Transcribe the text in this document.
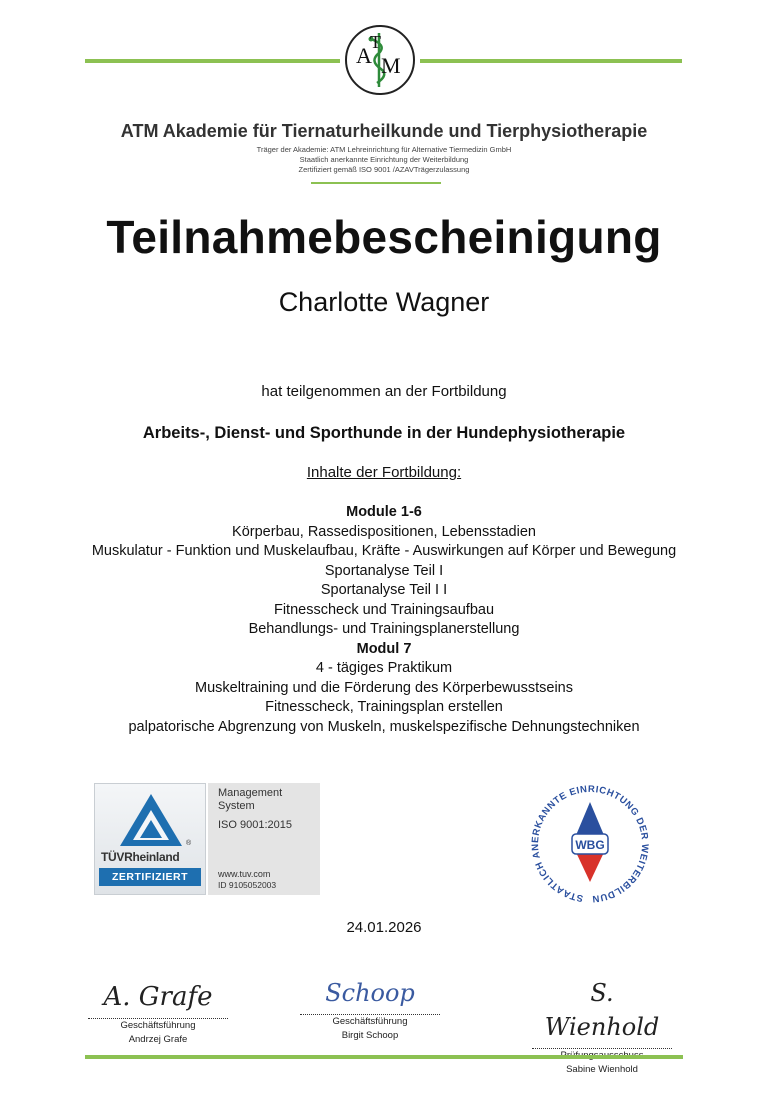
A
T
M
ATM Akademie für Tiernaturheilkunde und Tierphysiotherapie
Träger der Akademie: ATM Lehreinrichtung für Alternative Tiermedizin GmbH
Staatlich anerkannte Einrichtung der Weiterbildung
Zertifiziert gemäß ISO 9001 /AZAVTrägerzulassung
Teilnahmebescheinigung
Charlotte Wagner
hat teilgenommen an der Fortbildung
Arbeits-, Dienst- und Sporthunde in der Hundephysiotherapie
Inhalte der Fortbildung:
Module 1-6
Körperbau, Rassedispositionen, Lebensstadien
Muskulatur - Funktion und Muskelaufbau, Kräfte - Auswirkungen auf Körper und Bewegung
Sportanalyse Teil I
Sportanalyse Teil I I
Fitnesscheck und Trainingsaufbau
Behandlungs- und Trainingsplanerstellung
Modul 7
4 - tägiges Praktikum
Muskeltraining und die Förderung des Körperbewusstseins
Fitnesscheck, Trainingsplan erstellen
palpatorische Abgrenzung von Muskeln, muskelspezifische Dehnungstechniken
®
TÜVRheinland
ZERTIFIZIERT
Management
System
ISO 9001:2015
www.tuv.com
ID 9105052003
STAATLICH ANERKANNTE EINRICHTUNG DER WEITERBILDUN
WBG
24.01.2026
A. Grafe
Geschäftsführung
Andrzej Grafe
Schoop
Geschäftsführung
Birgit Schoop
S. Wienhold
Sabine Wienhold
